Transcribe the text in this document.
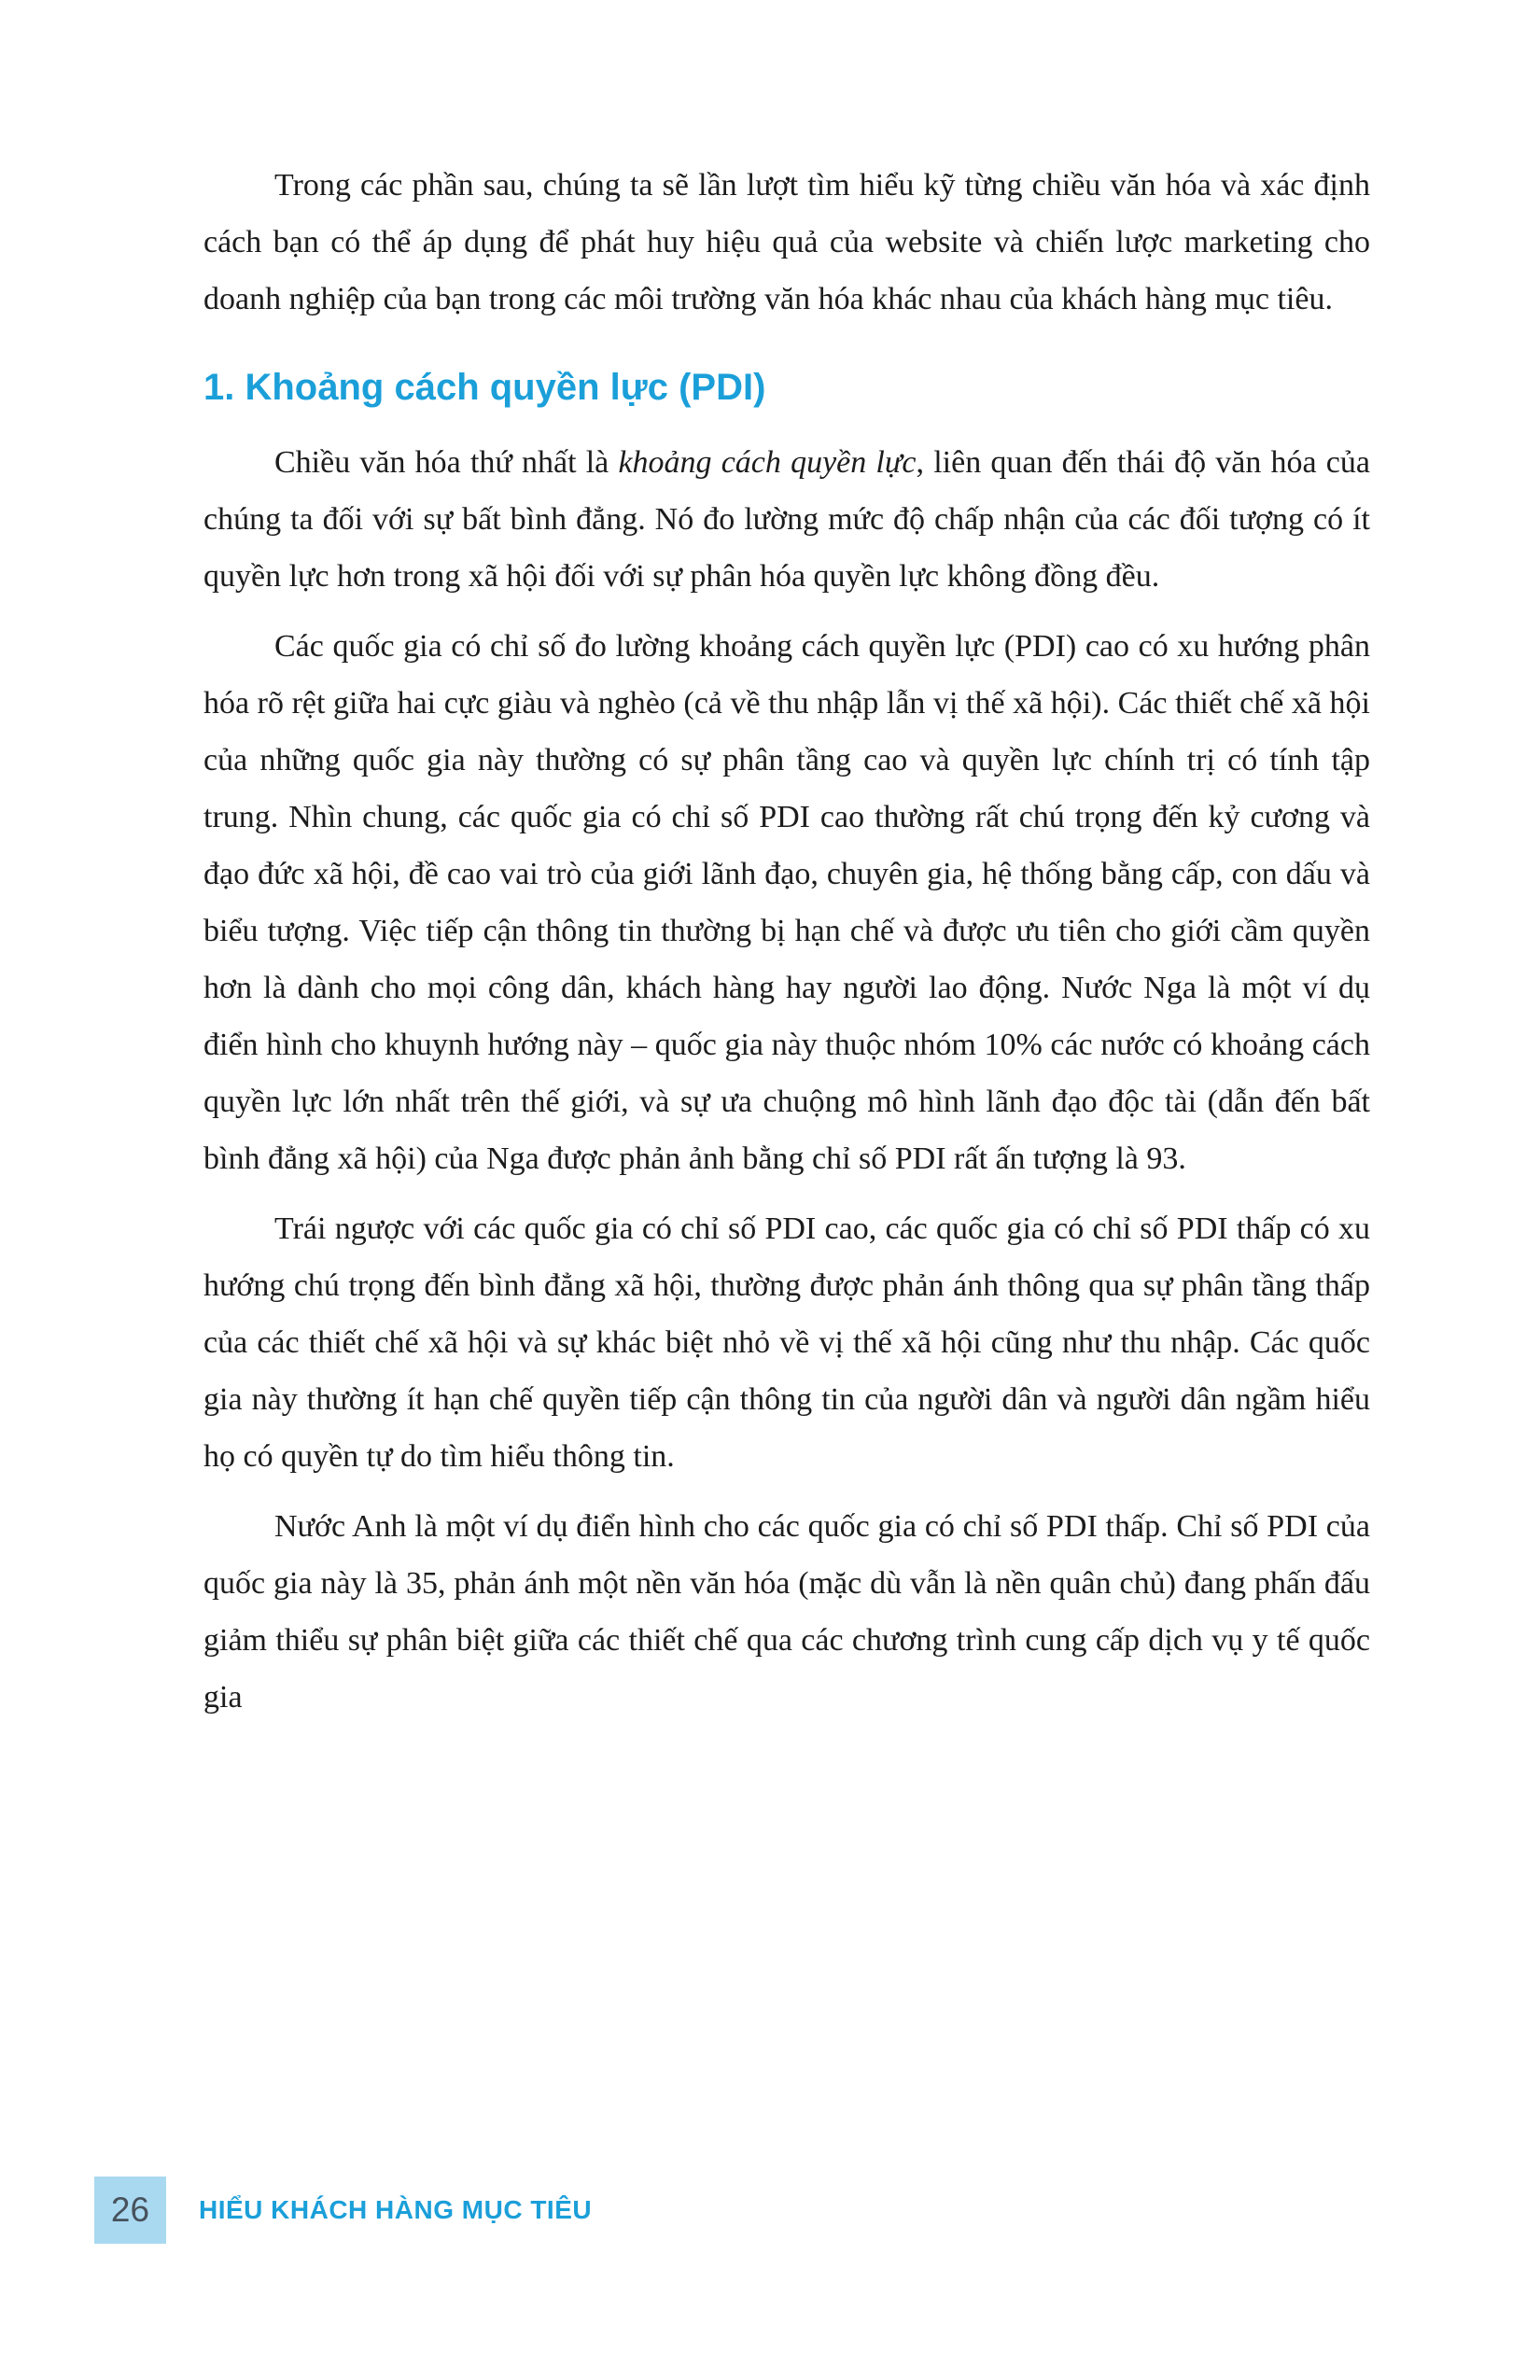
Trong các phần sau, chúng ta sẽ lần lượt tìm hiểu kỹ từng chiều văn hóa và xác định cách bạn có thể áp dụng để phát huy hiệu quả của website và chiến lược marketing cho doanh nghiệp của bạn trong các môi trường văn hóa khác nhau của khách hàng mục tiêu.

1. Khoảng cách quyền lực (PDI)

Chiều văn hóa thứ nhất là khoảng cách quyền lực, liên quan đến thái độ văn hóa của chúng ta đối với sự bất bình đẳng. Nó đo lường mức độ chấp nhận của các đối tượng có ít quyền lực hơn trong xã hội đối với sự phân hóa quyền lực không đồng đều.

Các quốc gia có chỉ số đo lường khoảng cách quyền lực (PDI) cao có xu hướng phân hóa rõ rệt giữa hai cực giàu và nghèo (cả về thu nhập lẫn vị thế xã hội). Các thiết chế xã hội của những quốc gia này thường có sự phân tầng cao và quyền lực chính trị có tính tập trung. Nhìn chung, các quốc gia có chỉ số PDI cao thường rất chú trọng đến kỷ cương và đạo đức xã hội, đề cao vai trò của giới lãnh đạo, chuyên gia, hệ thống bằng cấp, con dấu và biểu tượng. Việc tiếp cận thông tin thường bị hạn chế và được ưu tiên cho giới cầm quyền hơn là dành cho mọi công dân, khách hàng hay người lao động. Nước Nga là một ví dụ điển hình cho khuynh hướng này – quốc gia này thuộc nhóm 10% các nước có khoảng cách quyền lực lớn nhất trên thế giới, và sự ưa chuộng mô hình lãnh đạo độc tài (dẫn đến bất bình đẳng xã hội) của Nga được phản ảnh bằng chỉ số PDI rất ấn tượng là 93.

Trái ngược với các quốc gia có chỉ số PDI cao, các quốc gia có chỉ số PDI thấp có xu hướng chú trọng đến bình đẳng xã hội, thường được phản ánh thông qua sự phân tầng thấp của các thiết chế xã hội và sự khác biệt nhỏ về vị thế xã hội cũng như thu nhập. Các quốc gia này thường ít hạn chế quyền tiếp cận thông tin của người dân và người dân ngầm hiểu họ có quyền tự do tìm hiểu thông tin.

Nước Anh là một ví dụ điển hình cho các quốc gia có chỉ số PDI thấp. Chỉ số PDI của quốc gia này là 35, phản ánh một nền văn hóa (mặc dù vẫn là nền quân chủ) đang phấn đấu giảm thiểu sự phân biệt giữa các thiết chế qua các chương trình cung cấp dịch vụ y tế quốc gia

26 HIỂU KHÁCH HÀNG MỤC TIÊU
